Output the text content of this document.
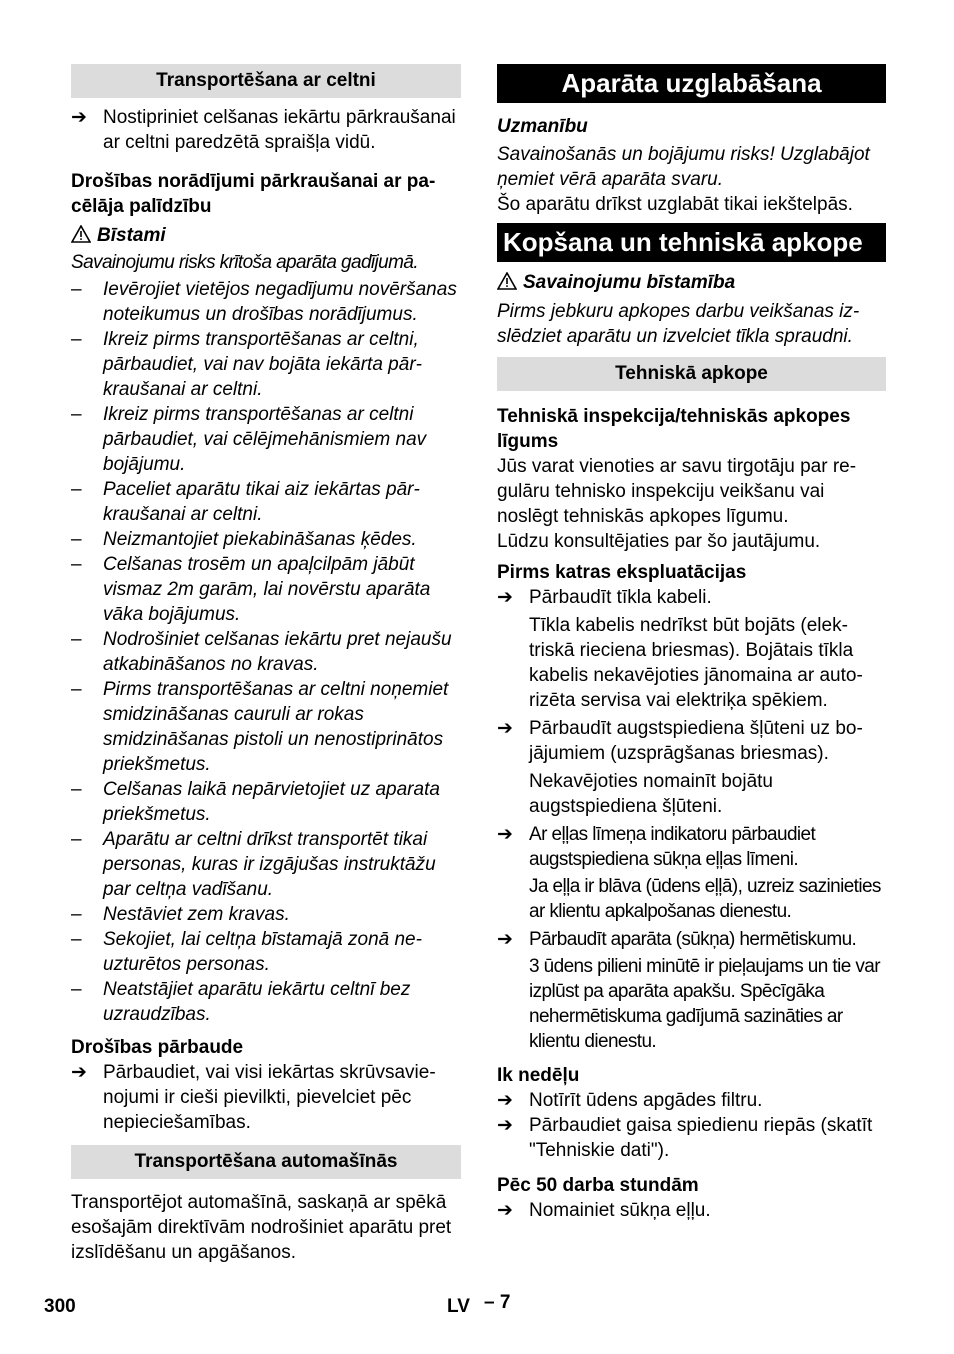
Transportēšana ar celtni
➔ Nostipriniet celšanas iekārtu pārkraušanai ar celtni paredzētā spraišļa vidū.
Drošības norādījumi pārkraušanai ar pacēlāja palīdzību
Bīstami
Savainojumu risks krītoša aparāta gadījumā.
–	Ievērojiet vietējos negadījumu novēršanas noteikumus un drošības norādījumus.
–	Ikreiz pirms transportēšanas ar celtni, pārbaudiet, vai nav bojāta iekārta pārkraušanai ar celtni.
–	Ikreiz pirms transportēšanas ar celtni pārbaudiet, vai cēlējmehānismiem nav bojājumu.
–	Paceliet aparātu tikai aiz iekārtas pārkraušanai ar celtni.
–	Neizmantojiet piekabināšanas ķēdes.
–	Celšanas trosēm un apaļcilpām jābūt vismaz 2m garām, lai novērstu aparāta vāka bojājumus.
–	Nodrošiniet celšanas iekārtu pret nejaušu atkabināšanos no kravas.
–	Pirms transportēšanas ar celtni noņemiet smidzināšanas cauruli ar rokas smidzināšanas pistoli un nenostiprinātos priekšmetus.
–	Celšanas laikā nepārvietojiet uz aparata priekšmetus.
–	Aparātu ar celtni drīkst transportēt tikai personas, kuras ir izgājušas instruktāžu par celtņa vadīšanu.
–	Nestāviet zem kravas.
–	Sekojiet, lai celtņa bīstamajā zonā neuzturētos personas.
–	Neatstājiet aparātu iekārtu celtnī bez uzraudzības.
Drošības pārbaude
➔ Pārbaudiet, vai visi iekārtas skrūvsavienojumi ir cieši pievilkti, pievelciet pēc nepieciešamības.
Transportēšana automašīnās
Transportējot automašīnā, saskaņā ar spēkā esošajām direktīvām nodrošiniet aparātu pret izslīdēšanu un apgāšanos.
Aparāta uzglabāšana
Uzmanību
Savainošanās un bojājumu risks! Uzglabājot ņemiet vērā aparāta svaru.
Šo aparātu drīkst uzglabāt tikai iekštelpās.
Kopšana un tehniskā apkope
Savainojumu bīstamība
Pirms jebkuru apkopes darbu veikšanas izslēdziet aparātu un izvelciet tīkla spraudni.
Tehniskā apkope
Tehniskā inspekcija/tehniskās apkopes līgums
Jūs varat vienoties ar savu tirgotāju par regulāru tehnisko inspekciju veikšanu vai noslēgt tehniskās apkopes līgumu.
Lūdzu konsultējaties par šo jautājumu.
Pirms katras ekspluatācijas
➔ Pārbaudīt tīkla kabeli.
Tīkla kabelis nedrīkst būt bojāts (elektriskā rieciena briesmas). Bojātais tīkla kabelis nekavējoties jānomaina ar autorizēta servisa vai elektriķa spēkiem.
➔ Pārbaudīt augstspiediena šļūteni uz bojājumiem (uzsprāgšanas briesmas).
Nekavējoties nomainīt bojātu augstspiediena šļūteni.
➔ Ar eļļas līmeņa indikatoru pārbaudiet augstspiediena sūkņa eļļas līmeni.
Ja eļļa ir blāva (ūdens eļļā), uzreiz sazinieties ar klientu apkalpošanas dienestu.
➔ Pārbaudīt aparāta (sūkņa) hermētiskumu.
3 ūdens pilieni minūtē ir pieļaujams un tie var izplūst pa aparāta apakšu. Spēcīgāka nehermētiskuma gadījumā sazināties ar klientu dienestu.
Ik nedēļu
➔ Notīrīt ūdens apgādes filtru.
➔ Pārbaudiet gaisa spiedienu riepās (skatīt "Tehniskie dati").
Pēc 50 darba stundām
➔ Nomainiet sūkņa eļļu.
300	LV – 7
